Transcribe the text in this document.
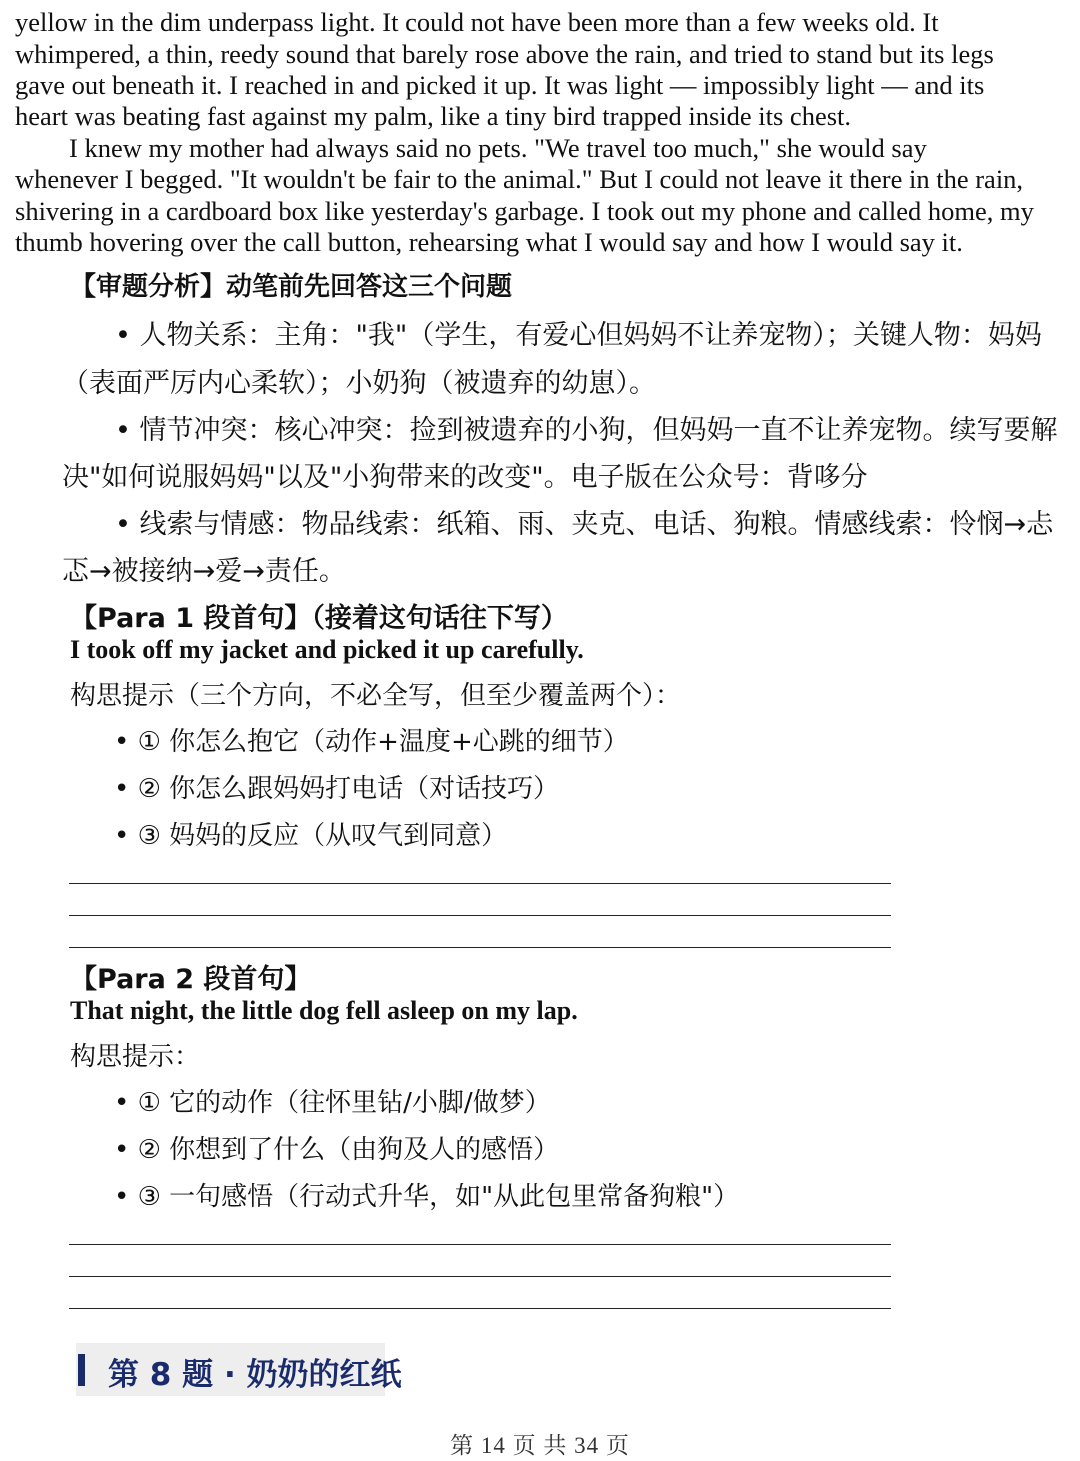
yellow in the dim underpass light. It could not have been more than a few weeks old. It
whimpered, a thin, reedy sound that barely rose above the rain, and tried to stand but its legs
gave out beneath it. I reached in and picked it up. It was light — impossibly light — and its
heart was beating fast against my palm, like a tiny bird trapped inside its chest.
I knew my mother had always said no pets. "We travel too much," she would say
whenever I begged. "It wouldn't be fair to the animal." But I could not leave it there in the rain,
shivering in a cardboard box like yesterday's garbage. I took out my phone and called home, my
thumb hovering over the call button, rehearsing what I would say and how I would say it.
【审题分析】动笔前先回答这三个问题
• 人物关系：主角："我"（学生，有爱心但妈妈不让养宠物）；关键人物：妈妈
（表面严厉内心柔软）；小奶狗（被遗弃的幼崽）。
• 情节冲突：核心冲突：捡到被遗弃的小狗，但妈妈一直不让养宠物。续写要解
决"如何说服妈妈"以及"小狗带来的改变"。电子版在公众号：背哆分
• 线索与情感：物品线索：纸箱、雨、夹克、电话、狗粮。情感线索：怜悯→忐
忑→被接纳→爱→责任。
【Para 1 段首句】（接着这句话往下写）
I took off my jacket and picked it up carefully.
构思提示（三个方向，不必全写，但至少覆盖两个）：
• ① 你怎么抱它（动作+温度+心跳的细节）
• ② 你怎么跟妈妈打电话（对话技巧）
• ③ 妈妈的反应（从叹气到同意）
【Para 2 段首句】
That night, the little dog fell asleep on my lap.
构思提示：
• ① 它的动作（往怀里钻/小脚/做梦）
• ② 你想到了什么（由狗及人的感悟）
• ③ 一句感悟（行动式升华，如"从此包里常备狗粮"）
第 8 题 · 奶奶的红纸
第 14 页 共 34 页
